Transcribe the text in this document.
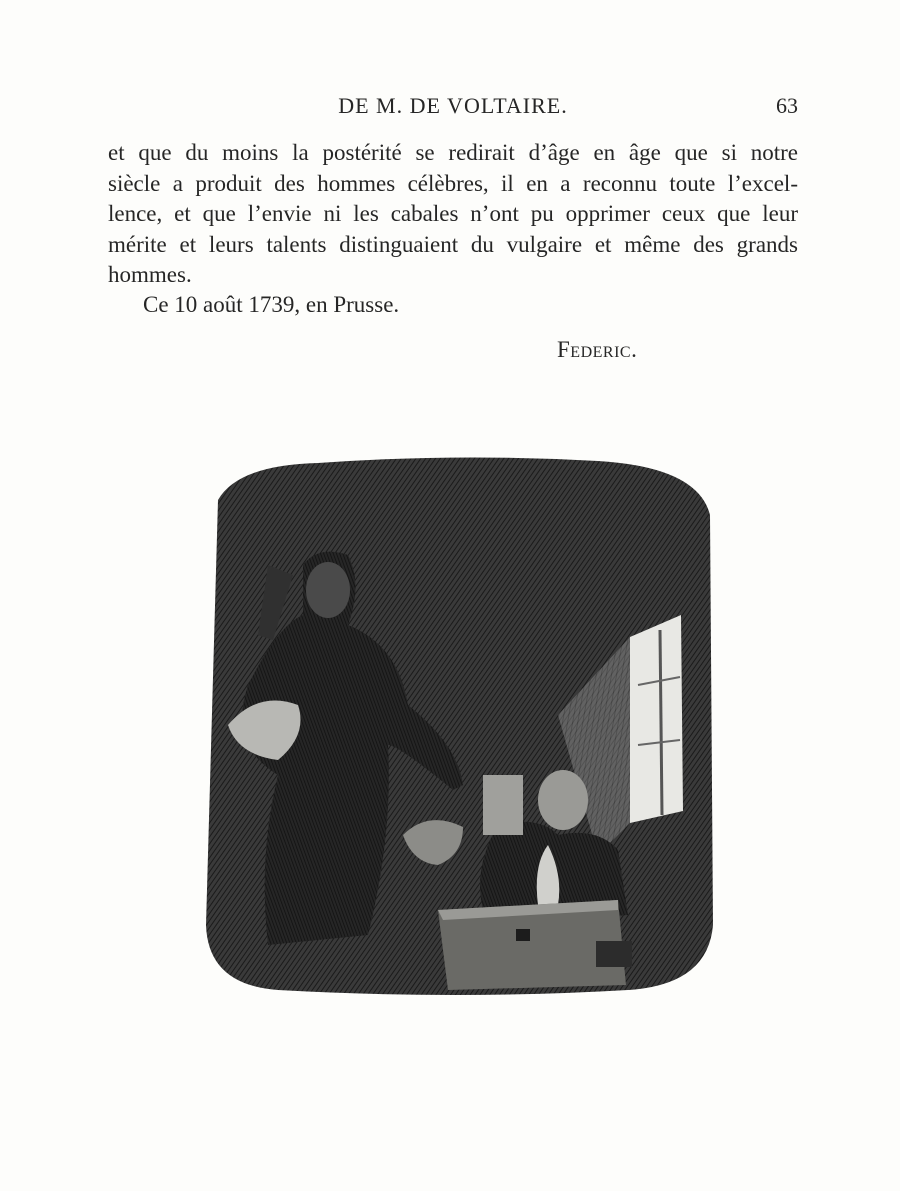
DE M. DE VOLTAIRE.	63
et que du moins la postérité se redirait d’âge en âge que si notre
siècle a produit des hommes célèbres, il en a reconnu toute l’excel-
lence, et que l’envie ni les cabales n’ont pu opprimer ceux que leur
mérite et leurs talents distinguaient du vulgaire et même des grands
hommes.
Ce 10 août 1739, en Prusse.
Federic.
